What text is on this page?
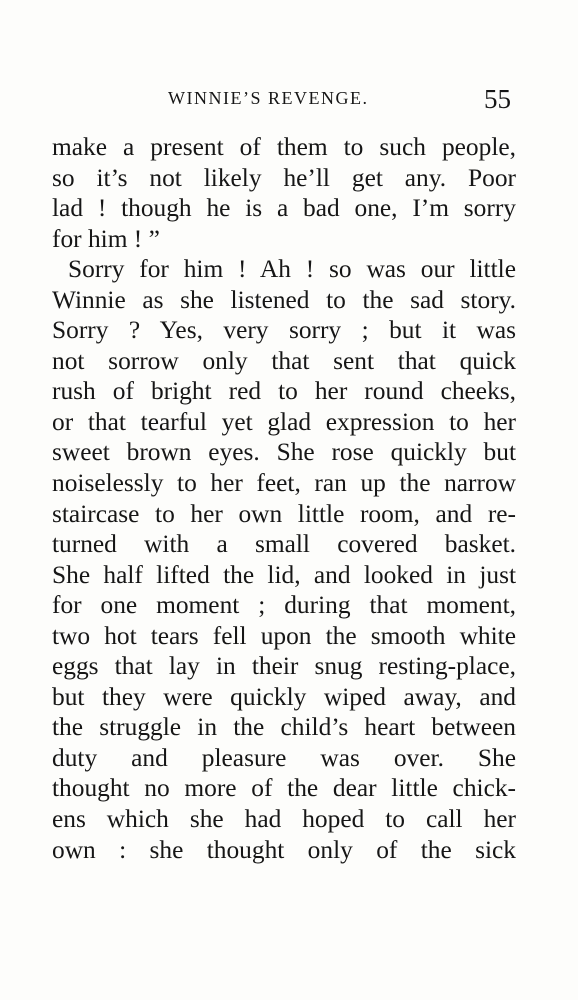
WINNIE’S REVENGE.	55
make a present of them to such people,
so it’s not likely he’ll get any. Poor
lad ! though he is a bad one, I’m sorry
for him ! ”
Sorry for him ! Ah ! so was our little
Winnie as she listened to the sad story.
Sorry ? Yes, very sorry ; but it was
not sorrow only that sent that quick
rush of bright red to her round cheeks,
or that tearful yet glad expression to her
sweet brown eyes. She rose quickly but
noiselessly to her feet, ran up the narrow
staircase to her own little room, and re-
turned with a small covered basket.
She half lifted the lid, and looked in just
for one moment ; during that moment,
two hot tears fell upon the smooth white
eggs that lay in their snug resting-place,
but they were quickly wiped away, and
the struggle in the child’s heart between
duty and pleasure was over. She
thought no more of the dear little chick-
ens which she had hoped to call her
own : she thought only of the sick
